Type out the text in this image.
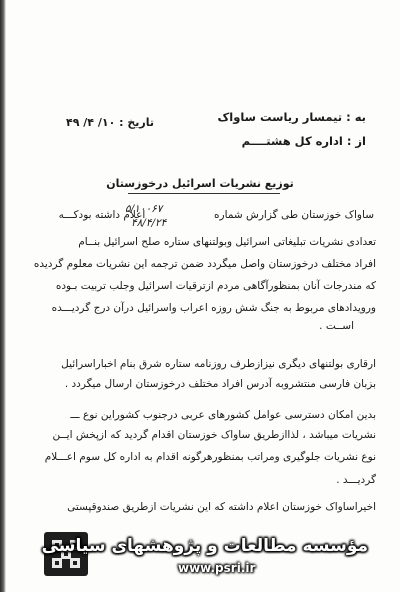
به : تیمسار ریاست ساواک
از : اداره کل هشتــــم
تاریخ : ۱۰/ ۴/ ۴۹
توزیع نشریات اسرائیل درخوزستان
ساواک خوزستان طی گزارش شماره  اعلام داشته بودکـــه
۵/۱۰۰۶۷
۴۸/۴/۲۴
تعدادی نشریات تبلیغاتی اسرائیل وبولتنهای ستاره صلح اسرائیل بنــام
افراد مختلف درخوزستان واصل میگردد ضمن ترجمه این نشریات معلوم گردیده
که مندرجات آنان بمنظورآگاهی مردم ازترقیات اسرائیل وجلب تربیت بـوده
ورویدادهای مربوط به جنگ شش روزه اعراب واسرائیل درآن درج گردیـــده
اســت .
ارقاری بولتنهای دیگری نیزازطرف روزنامه ستاره شرق بنام اخباراسرائیل
بزبان فارسی منتشروبه آدرس افراد مختلف درخوزستان ارسال میگردد .
بدین امکان دسترسی عوامل کشورهای عربی درجنوب کشوراین نوع ـــ
نشریات میباشد ، لذاازطریق ساواک خوزستان اقدام گردید که ازپخش ایــن
نوع نشریات جلوگیری ومراتب بمنظورهرگونه اقدام به اداره کل سوم اعـــلام
گردیـــد .
اخیراساواک خوزستان اعلام داشته که این نشریات ازطریق صندوقپستی
مؤسسه مطالعات و پژوهشهای سیاسی
www.psri.ir
